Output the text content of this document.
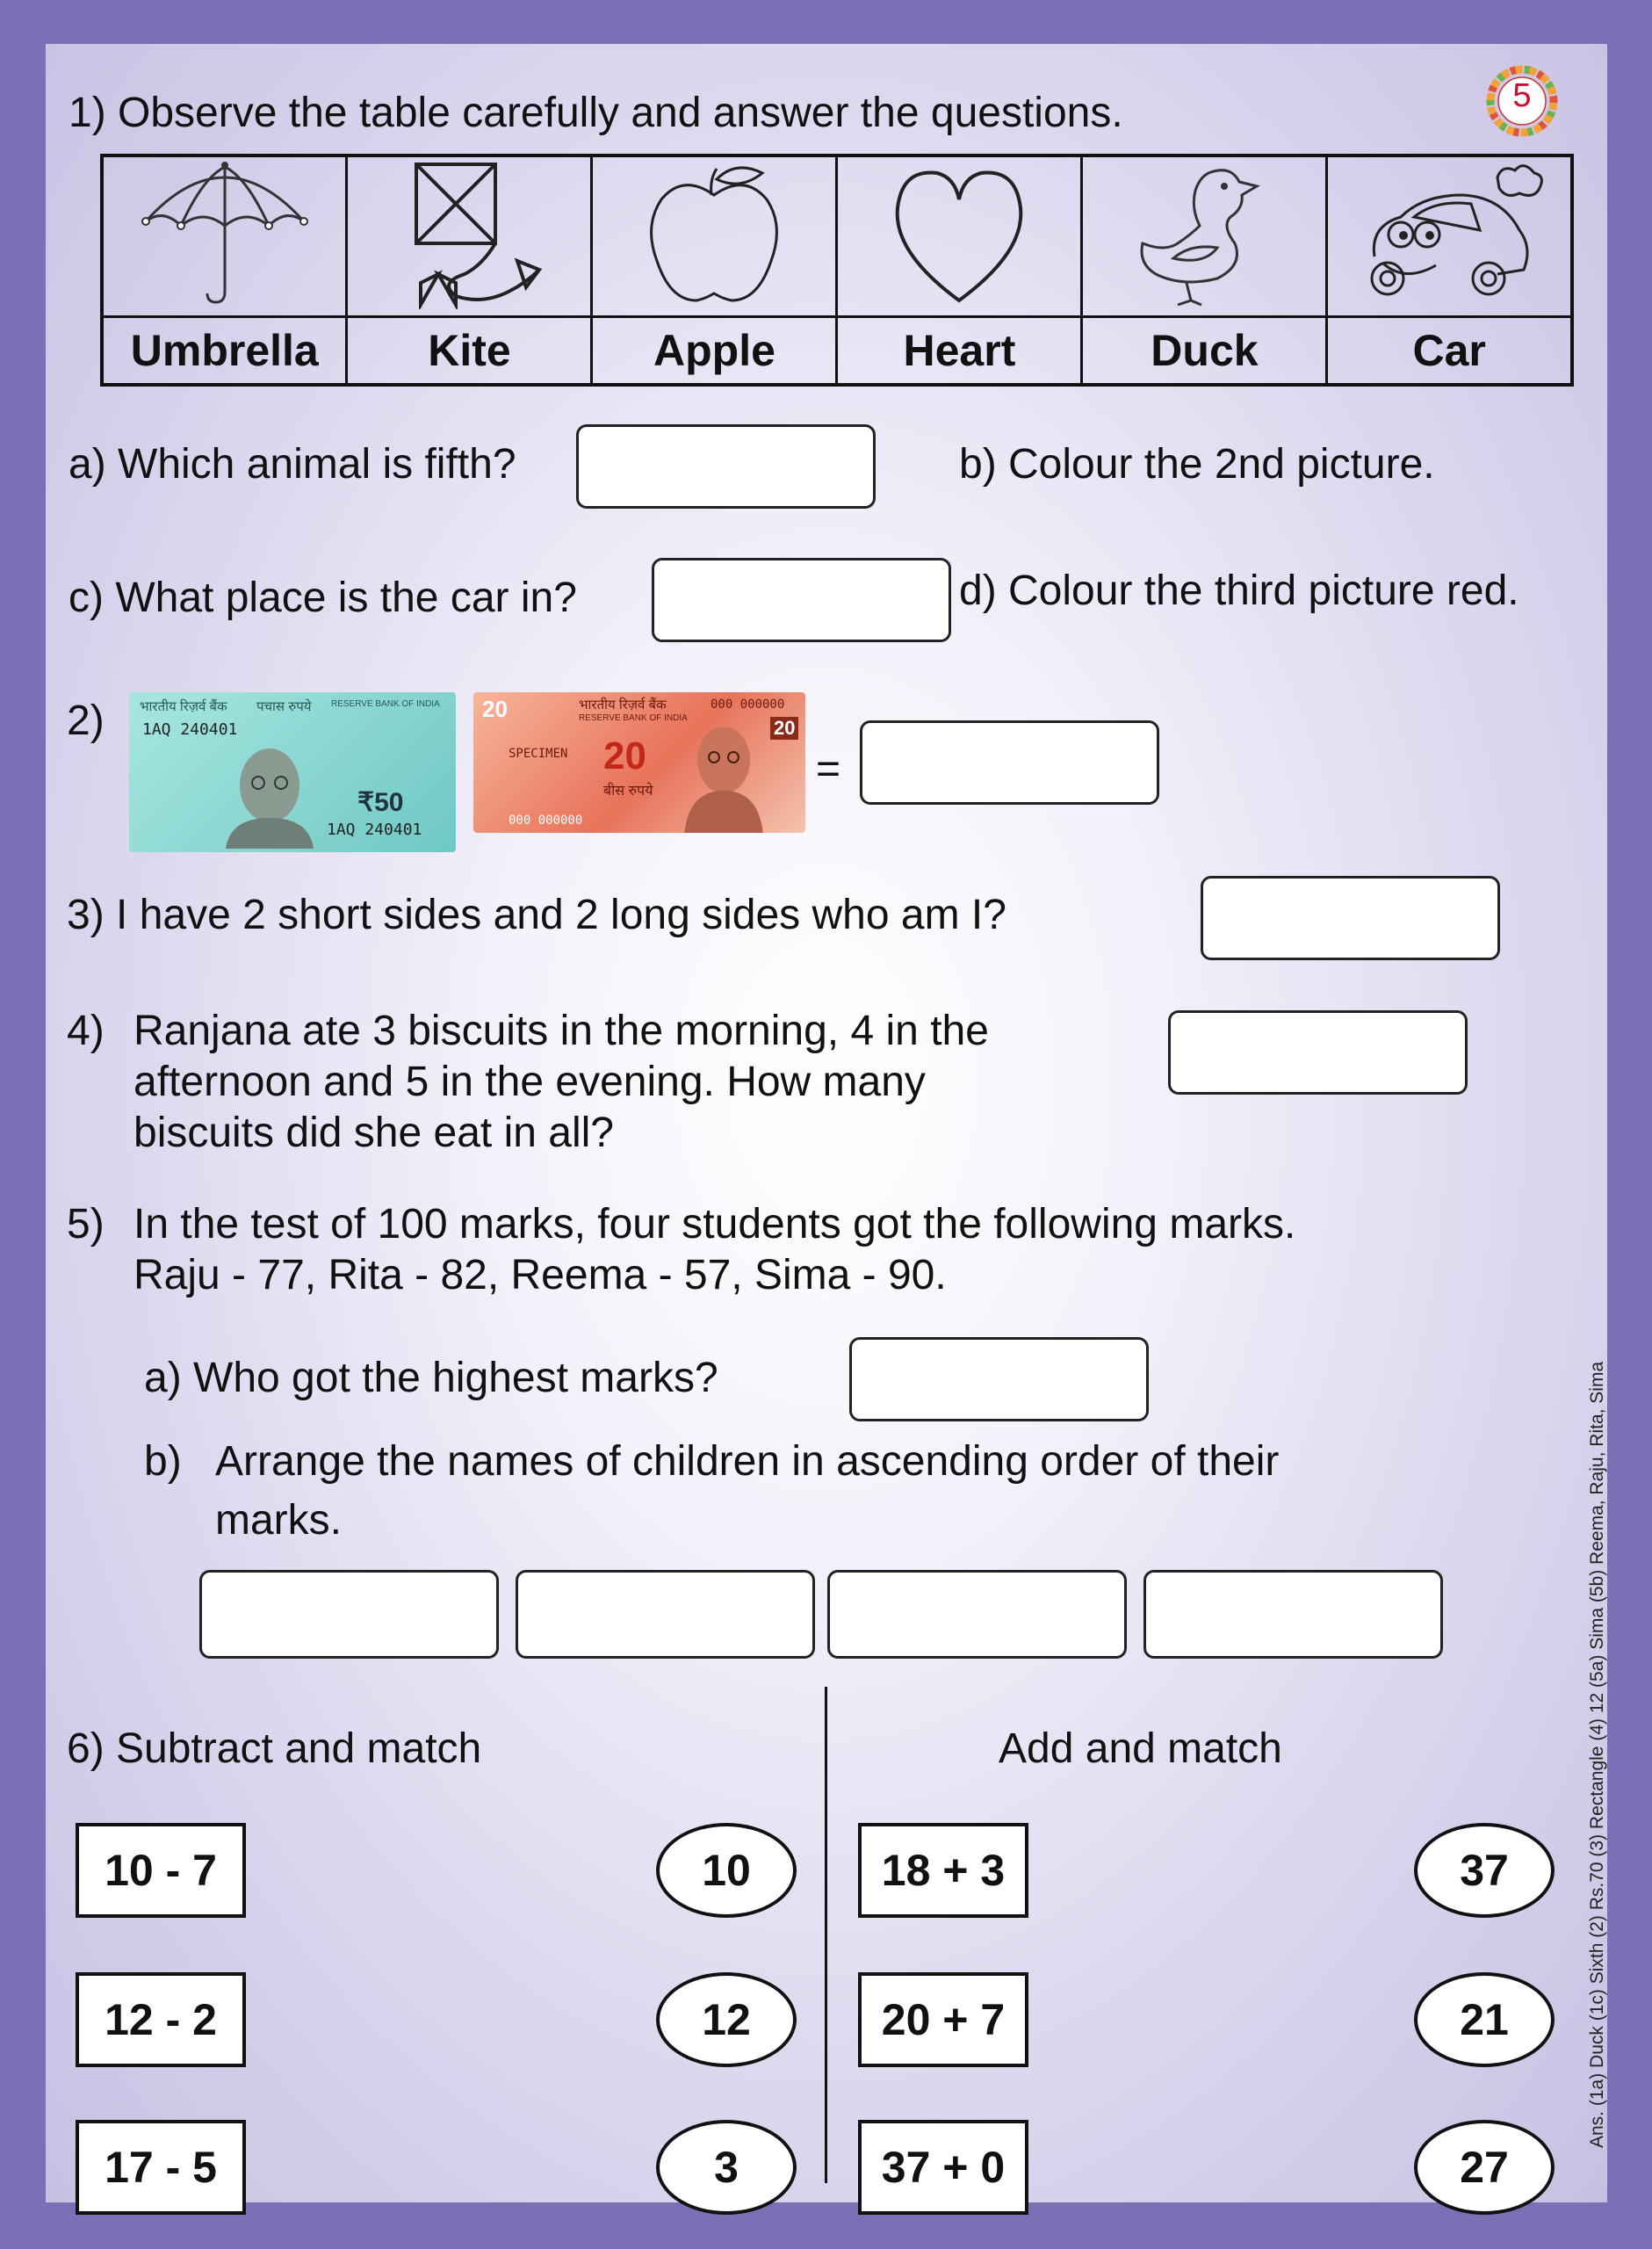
5
1) Observe the table carefully and answer the questions.

Umbrella	Kite	Apple	Heart	Duck	Car
a) Which animal is fifth?	b) Colour the 2nd picture.
c) What place is the car in?	d) Colour the third picture red.
2)	भारतीय रिज़र्व बैंक पचास रुपये RESERVE BANK OF INDIA
1AQ 240401
₹50
1AQ 240401
20	भारतीय रिज़र्व बैंक
RESERVE BANK OF INDIA
000 000000
SPECIMEN 20
बीस रुपये
20
000 000000
=
3) I have 2 short sides and 2 long sides who am I?
4) Ranjana ate 3 biscuits in the morning, 4 in the
afternoon and 5 in the evening. How many
biscuits did she eat in all?
5) In the test of 100 marks, four students got the following marks.
Raju - 77, Rita - 82, Reema - 57, Sima - 90.
a) Who got the highest marks?
b) Arrange the names of children in ascending order of their
marks.
6) Subtract and match	Add and match
10 - 7
12 - 2
17 - 5
10
12
3
18 + 3
20 + 7
37 + 0
37
21
27
Ans. (1a) Duck (1c) Sixth (2) Rs.70 (3) Rectangle (4) 12 (5a) Sima (5b) Reema, Raju, Rita, Sima
